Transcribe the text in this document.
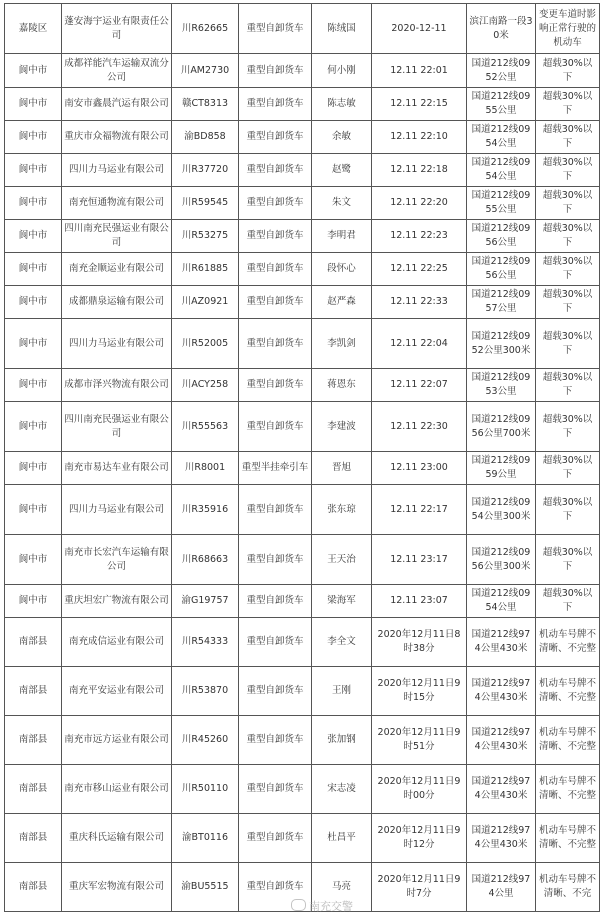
嘉陵区	蓬安海宇运业有限责任公司	川R62665	重型自卸货车	陈绒国	2020-12-11	滨江南路一段30米	变更车道时影响正常行驶的机动车
阆中市	成都祥能汽车运输双流分公司	川AM2730	重型自卸货车	何小刚	12.11 22:01	国道212线0952公里	超载30%以下
阆中市	南安市鑫晨汽运有限公司	赣CT8313	重型自卸货车	陈志敏	12.11 22:15	国道212线0955公里	超载30%以下
阆中市	重庆市众福物流有限公司	渝BD858	重型自卸货车	余敏	12.11 22:10	国道212线0954公里	超载30%以下
阆中市	四川力马运业有限公司	川R37720	重型自卸货车	赵鹭	12.11 22:18	国道212线0954公里	超载30%以下
阆中市	南充恒通物流有限公司	川R59545	重型自卸货车	朱文	12.11 22:20	国道212线0955公里	超载30%以下
阆中市	四川南充民强运业有限公司	川R53275	重型自卸货车	李明君	12.11 22:23	国道212线0956公里	超载30%以下
阆中市	南充金顺运业有限公司	川R61885	重型自卸货车	段怀心	12.11 22:25	国道212线0956公里	超载30%以下
阆中市	成都鼎泉运输有限公司	川AZ0921	重型自卸货车	赵严森	12.11 22:33	国道212线0957公里	超载30%以下
阆中市	四川力马运业有限公司	川R52005	重型自卸货车	李凯剑	12.11 22:04	国道212线0952公里300米	超载30%以下
阆中市	成都市泽兴物流有限公司	川ACY258	重型自卸货车	蒋恩东	12.11 22:07	国道212线0953公里	超载30%以下
阆中市	四川南充民强运业有限公司	川R55563	重型自卸货车	李建波	12.11 22:30	国道212线0956公里700米	超载30%以下
阆中市	南充市易达车业有限公司	川R8001	重型半挂牵引车	晋旭	12.11 23:00	国道212线0959公里	超载30%以下
阆中市	四川力马运业有限公司	川R35916	重型自卸货车	张东琼	12.11 22:17	国道212线0954公里300米	超载30%以下
阆中市	南充市长宏汽车运输有限公司	川R68663	重型自卸货车	王天治	12.11 23:17	国道212线0956公里300米	超载30%以下
阆中市	重庆坦宏广物流有限公司	渝G19757	重型自卸货车	梁海军	12.11 23:07	国道212线0954公里	超载30%以下
南部县	南充成信运业有限公司	川R54333	重型自卸货车	李全文	2020年12月11日8时38分	国道212线974公里430米	机动车号牌不清晰、不完整
南部县	南充平安运业有限公司	川R53870	重型自卸货车	王刚	2020年12月11日9时15分	国道212线974公里430米	机动车号牌不清晰、不完整
南部县	南充市远方运业有限公司	川R45260	重型自卸货车	张加钢	2020年12月11日9时51分	国道212线974公里430米	机动车号牌不清晰、不完整
南部县	南充市移山运业有限公司	川R50110	重型自卸货车	宋志凌	2020年12月11日9时00分	国道212线974公里430米	机动车号牌不清晰、不完整
南部县	重庆科氏运输有限公司	渝BT0116	重型自卸货车	杜昌平	2020年12月11日9时12分	国道212线974公里430米	机动车号牌不清晰、不完整
南部县	重庆军宏物流有限公司	渝BU5515	重型自卸货车	马亮	2020年12月11日9时7分	国道212线974公里	机动车号牌不清晰、不完
南充交警
